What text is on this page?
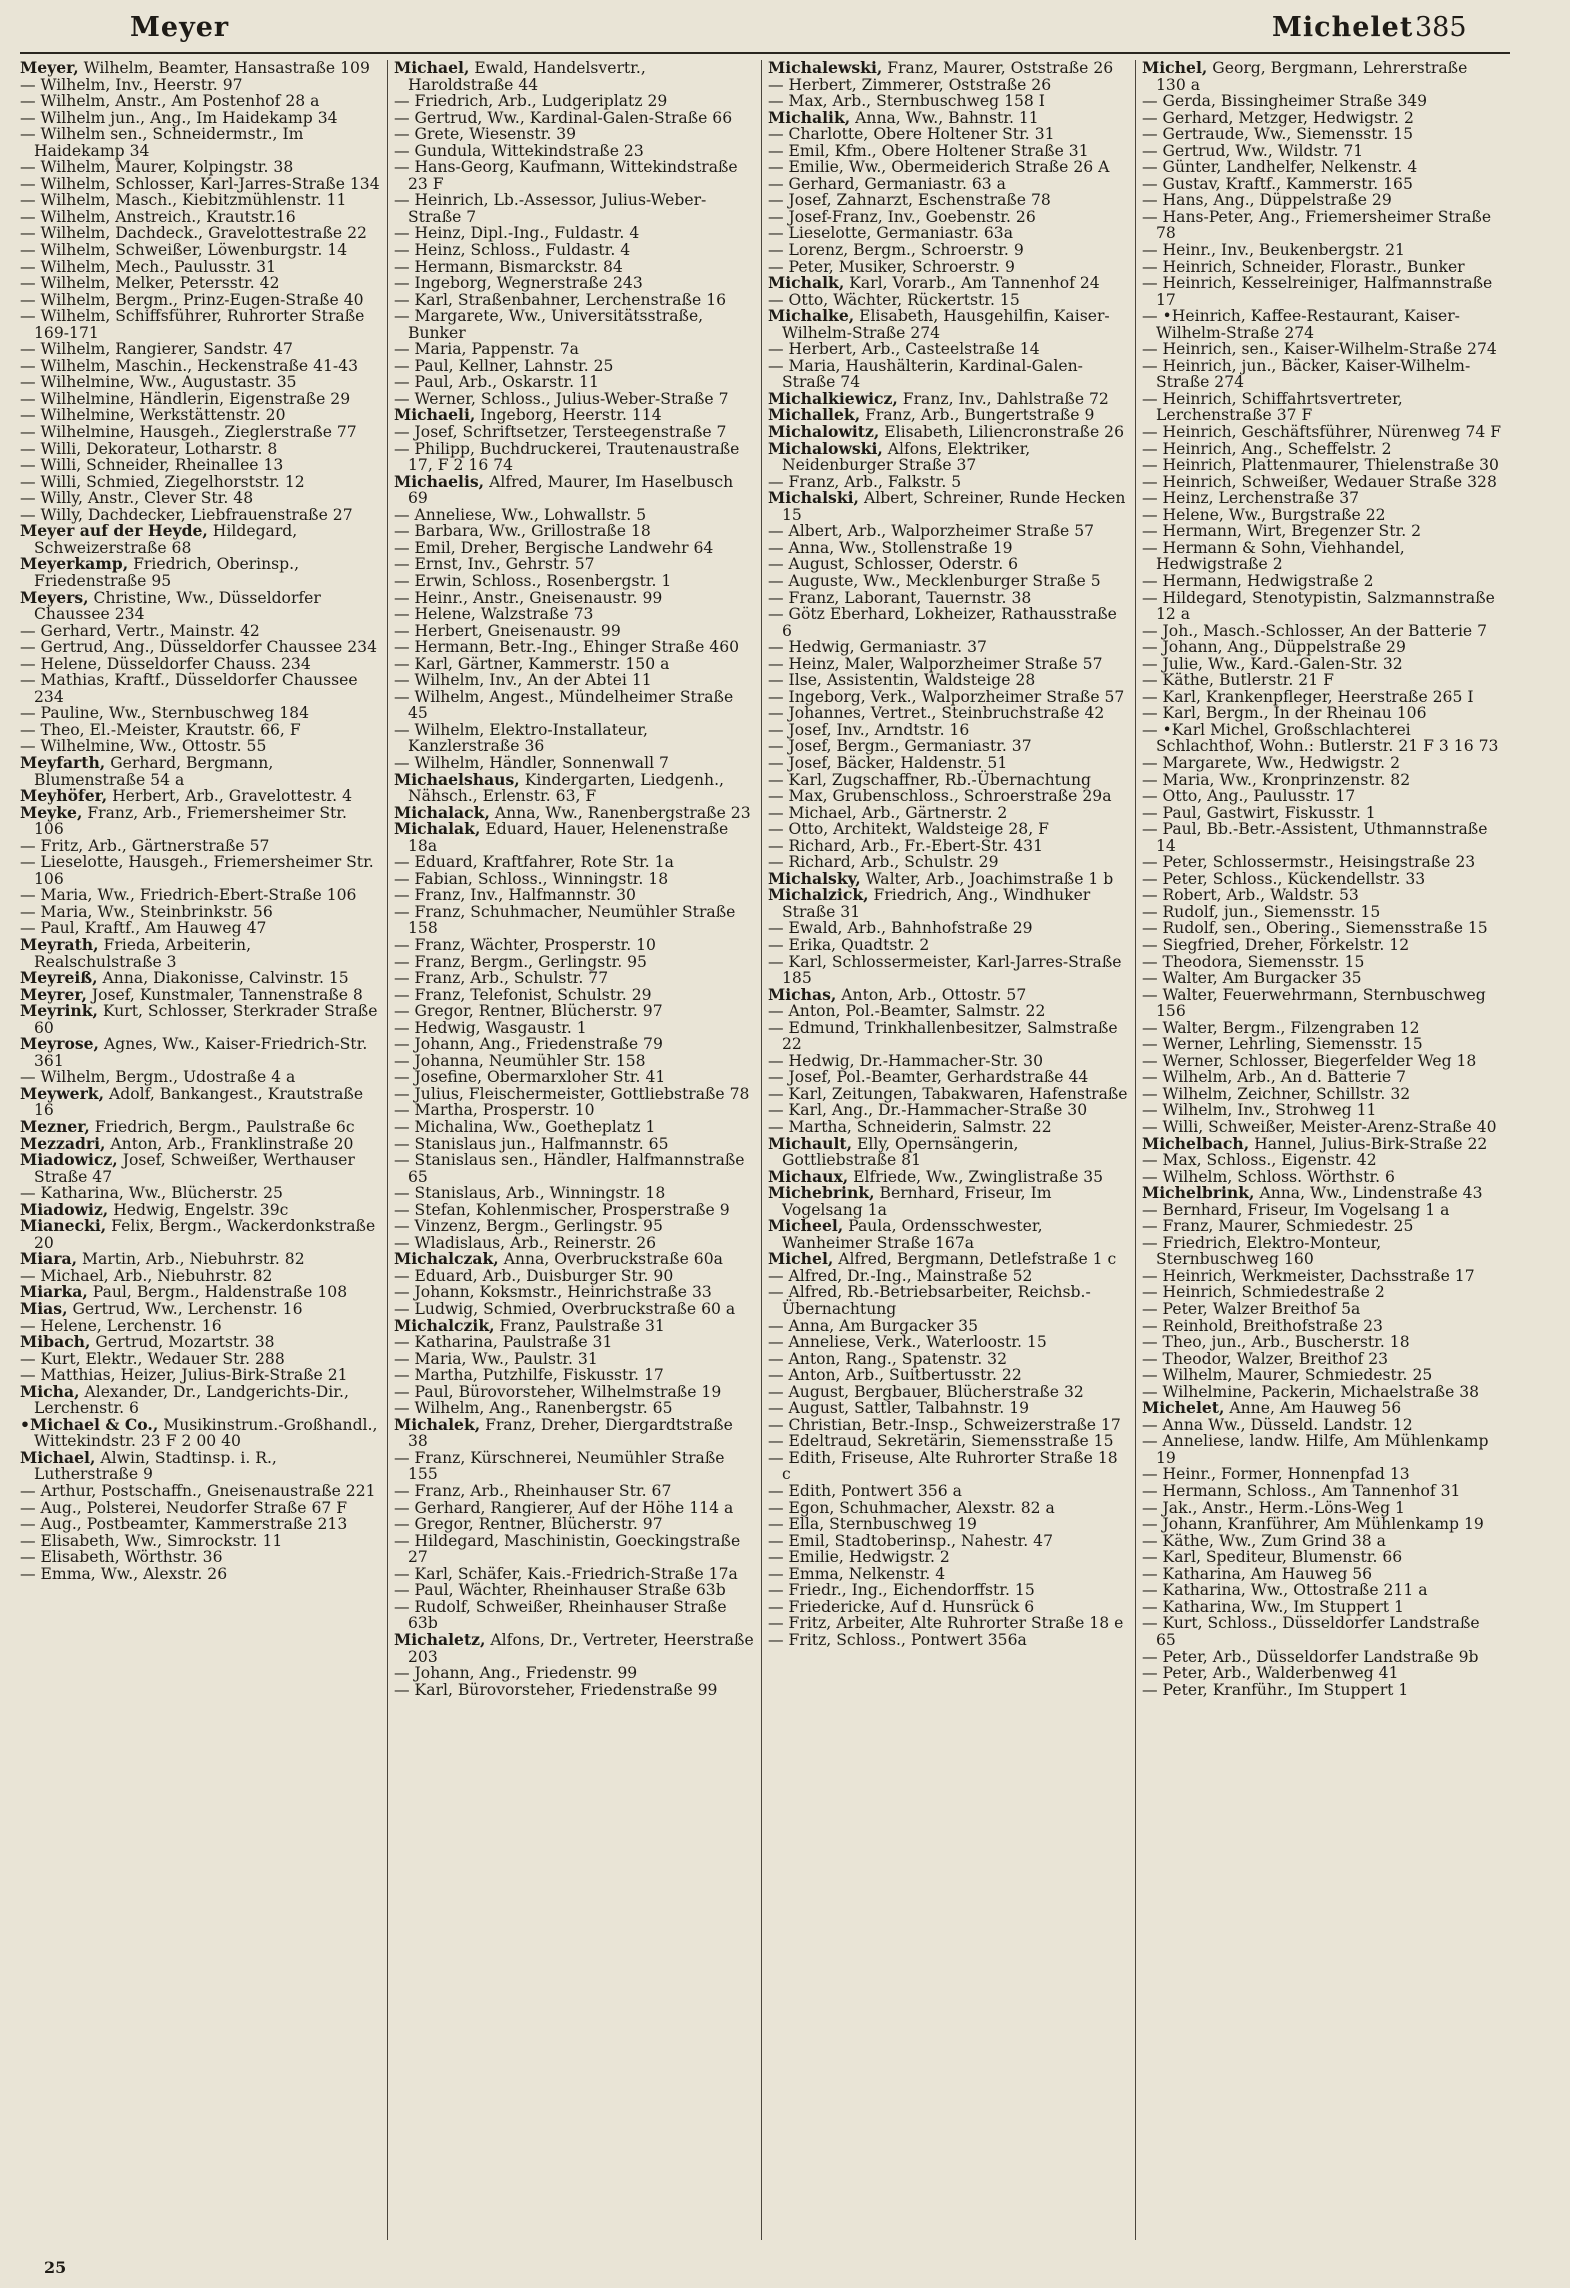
Meyer	Michelet 385
Meyer, Wilhelm, Beamter, Hansastraße 109
— Wilhelm, Inv., Heerstr. 97
— Wilhelm, Anstr., Am Postenhof 28 a
— Wilhelm jun., Ang., Im Haidekamp 34
— Wilhelm sen., Schneidermstr., Im Haidekamp 34
— Wilhelm, Maurer, Kolpingstr. 38
— Wilhelm, Schlosser, Karl-Jarres-Straße 134
— Wilhelm, Masch., Kiebitzmühlenstr. 11
— Wilhelm, Anstreich., Krautstr.16
— Wilhelm, Dachdeck., Gravelottestraße 22
— Wilhelm, Schweißer, Löwenburgstr. 14
— Wilhelm, Mech., Paulusstr. 31
— Wilhelm, Melker, Petersstr. 42
— Wilhelm, Bergm., Prinz-Eugen-Straße 40
— Wilhelm, Schiffsführer, Ruhrorter Straße 169-171
— Wilhelm, Rangierer, Sandstr. 47
— Wilhelm, Maschin., Heckenstraße 41-43
— Wilhelmine, Ww., Augustastr. 35
— Wilhelmine, Händlerin, Eigenstraße 29
— Wilhelmine, Werkstättenstr. 20
— Wilhelmine, Hausgeh., Zieglerstraße 77
— Willi, Dekorateur, Lotharstr. 8
— Willi, Schneider, Rheinallee 13
— Willi, Schmied, Ziegelhorststr. 12
— Willy, Anstr., Clever Str. 48
— Willy, Dachdecker, Liebfrauenstraße 27
Meyer auf der Heyde, Hildegard, Schweizerstraße 68
Meyerkamp, Friedrich, Oberinsp., Friedenstraße 95
Meyers, Christine, Ww., Düsseldorfer Chaussee 234
— Gerhard, Vertr., Mainstr. 42
— Gertrud, Ang., Düsseldorfer Chaussee 234
— Helene, Düsseldorfer Chauss. 234
— Mathias, Kraftf., Düsseldorfer Chaussee 234
— Pauline, Ww., Sternbuschweg 184
— Theo, El.-Meister, Krautstr. 66, F
— Wilhelmine, Ww., Ottostr. 55
Meyfarth, Gerhard, Bergmann, Blumenstraße 54 a
Meyhöfer, Herbert, Arb., Gravelottestr. 4
Meyke, Franz, Arb., Friemersheimer Str. 106
— Fritz, Arb., Gärtnerstraße 57
— Lieselotte, Hausgeh., Friemersheimer Str. 106
— Maria, Ww., Friedrich-Ebert-Straße 106
— Maria, Ww., Steinbrinkstr. 56
— Paul, Kraftf., Am Hauweg 47
Meyrath, Frieda, Arbeiterin, Realschulstraße 3
Meyreiß, Anna, Diakonisse, Calvinstr. 15
Meyrer, Josef, Kunstmaler, Tannenstraße 8
Meyrink, Kurt, Schlosser, Sterkrader Straße 60
Meyrose, Agnes, Ww., Kaiser-Friedrich-Str. 361
— Wilhelm, Bergm., Udostraße 4 a
Meywerk, Adolf, Bankangest., Krautstraße 16
Mezner, Friedrich, Bergm., Paulstraße 6c
Mezzadri, Anton, Arb., Franklinstraße 20
Miadowicz, Josef, Schweißer, Werthauser Straße 47
— Katharina, Ww., Blücherstr. 25
Miadowiz, Hedwig, Engelstr. 39c
Mianecki, Felix, Bergm., Wackerdonkstraße 20
Miara, Martin, Arb., Niebuhrstr. 82
— Michael, Arb., Niebuhrstr. 82
Miarka, Paul, Bergm., Haldenstraße 108
Mias, Gertrud, Ww., Lerchenstr. 16
— Helene, Lerchenstr. 16
Mibach, Gertrud, Mozartstr. 38
— Kurt, Elektr., Wedauer Str. 288
— Matthias, Heizer, Julius-Birk-Straße 21
Micha, Alexander, Dr., Landgerichts-Dir., Lerchenstr. 6
•Michael & Co., Musikinstrum.-Großhandl., Wittekindstr. 23 F 2 00 40
Michael, Alwin, Stadtinsp. i. R., Lutherstraße 9
— Arthur, Postschaffn., Gneisenaustraße 221
— Aug., Polsterei, Neudorfer Straße 67 F
— Aug., Postbeamter, Kammerstraße 213
— Elisabeth, Ww., Simrockstr. 11
— Elisabeth, Wörthstr. 36
— Emma, Ww., Alexstr. 26
Michael, Ewald, Handelsvertr., Haroldstraße 44
— Friedrich, Arb., Ludgeriplatz 29
— Gertrud, Ww., Kardinal-Galen-Straße 66
— Grete, Wiesenstr. 39
— Gundula, Wittekindstraße 23
— Hans-Georg, Kaufmann, Wittekindstraße 23 F
— Heinrich, Lb.-Assessor, Julius-Weber-Straße 7
— Heinz, Dipl.-Ing., Fuldastr. 4
— Heinz, Schloss., Fuldastr. 4
— Hermann, Bismarckstr. 84
— Ingeborg, Wegnerstraße 243
— Karl, Straßenbahner, Lerchenstraße 16
— Margarete, Ww., Universitätsstraße, Bunker
— Maria, Pappenstr. 7a
— Paul, Kellner, Lahnstr. 25
— Paul, Arb., Oskarstr. 11
— Werner, Schloss., Julius-Weber-Straße 7
Michaeli, Ingeborg, Heerstr. 114
— Josef, Schriftsetzer, Tersteegenstraße 7
— Philipp, Buchdruckerei, Trautenaustraße 17, F 2 16 74
Michaelis, Alfred, Maurer, Im Haselbusch 69
— Anneliese, Ww., Lohwallstr. 5
— Barbara, Ww., Grillostraße 18
— Emil, Dreher, Bergische Landwehr 64
— Ernst, Inv., Gehrstr. 57
— Erwin, Schloss., Rosenbergstr. 1
— Heinr., Anstr., Gneisenaustr. 99
— Helene, Walzstraße 73
— Herbert, Gneisenaustr. 99
— Hermann, Betr.-Ing., Ehinger Straße 460
— Karl, Gärtner, Kammerstr. 150 a
— Wilhelm, Inv., An der Abtei 11
— Wilhelm, Angest., Mündelheimer Straße 45
— Wilhelm, Elektro-Installateur, Kanzlerstraße 36
— Wilhelm, Händler, Sonnenwall 7
Michaelshaus, Kindergarten, Liedgenh., Nähsch., Erlenstr. 63, F
Michalack, Anna, Ww., Ranenbergstraße 23
Michalak, Eduard, Hauer, Helenenstraße 18a
— Eduard, Kraftfahrer, Rote Str. 1a
— Fabian, Schloss., Winningstr. 18
— Franz, Inv., Halfmannstr. 30
— Franz, Schuhmacher, Neumühler Straße 158
— Franz, Wächter, Prosperstr. 10
— Franz, Bergm., Gerlingstr. 95
— Franz, Arb., Schulstr. 77
— Franz, Telefonist, Schulstr. 29
— Gregor, Rentner, Blücherstr. 97
— Hedwig, Wasgaustr. 1
— Johann, Ang., Friedenstraße 79
— Johanna, Neumühler Str. 158
— Josefine, Obermarxloher Str. 41
— Julius, Fleischermeister, Gottliebstraße 78
— Martha, Prosperstr. 10
— Michalina, Ww., Goetheplatz 1
— Stanislaus jun., Halfmannstr. 65
— Stanislaus sen., Händler, Halfmannstraße 65
— Stanislaus, Arb., Winningstr. 18
— Stefan, Kohlenmischer, Prosperstraße 9
— Vinzenz, Bergm., Gerlingstr. 95
— Wladislaus, Arb., Reinerstr. 26
Michalczak, Anna, Overbruckstraße 60a
— Eduard, Arb., Duisburger Str. 90
— Johann, Koksmstr., Heinrichstraße 33
— Ludwig, Schmied, Overbruckstraße 60 a
Michalczik, Franz, Paulstraße 31
— Katharina, Paulstraße 31
— Maria, Ww., Paulstr. 31
— Martha, Putzhilfe, Fiskusstr. 17
— Paul, Bürovorsteher, Wilhelmstraße 19
— Wilhelm, Ang., Ranenbergstr. 65
Michalek, Franz, Dreher, Diergardtstraße 38
— Franz, Kürschnerei, Neumühler Straße 155
— Franz, Arb., Rheinhauser Str. 67
— Gerhard, Rangierer, Auf der Höhe 114 a
— Gregor, Rentner, Blücherstr. 97
— Hildegard, Maschinistin, Goeckingstraße 27
— Karl, Schäfer, Kais.-Friedrich-Straße 17a
— Paul, Wächter, Rheinhauser Straße 63b
— Rudolf, Schweißer, Rheinhauser Straße 63b
Michaletz, Alfons, Dr., Vertreter, Heerstraße 203
— Johann, Ang., Friedenstr. 99
— Karl, Bürovorsteher, Friedenstraße 99
Michalewski, Franz, Maurer, Oststraße 26
— Herbert, Zimmerer, Oststraße 26
— Max, Arb., Sternbuschweg 158 I
Michalik, Anna, Ww., Bahnstr. 11
— Charlotte, Obere Holtener Str. 31
— Emil, Kfm., Obere Holtener Straße 31
— Emilie, Ww., Obermeiderich Straße 26 A
— Gerhard, Germaniastr. 63 a
— Josef, Zahnarzt, Eschenstraße 78
— Josef-Franz, Inv., Goebenstr. 26
— Lieselotte, Germaniastr. 63a
— Lorenz, Bergm., Schroerstr. 9
— Peter, Musiker, Schroerstr. 9
Michalk, Karl, Vorarb., Am Tannenhof 24
— Otto, Wächter, Rückertstr. 15
Michalke, Elisabeth, Hausgehilfin, Kaiser-Wilhelm-Straße 274
— Herbert, Arb., Casteelstraße 14
— Maria, Haushälterin, Kardinal-Galen-Straße 74
Michalkiewicz, Franz, Inv., Dahlstraße 72
Michallek, Franz, Arb., Bungertstraße 9
Michalowitz, Elisabeth, Liliencronstraße 26
Michalowski, Alfons, Elektriker, Neidenburger Straße 37
— Franz, Arb., Falkstr. 5
Michalski, Albert, Schreiner, Runde Hecken 15
— Albert, Arb., Walporzheimer Straße 57
— Anna, Ww., Stollenstraße 19
— August, Schlosser, Oderstr. 6
— Auguste, Ww., Mecklenburger Straße 5
— Franz, Laborant, Tauernstr. 38
— Götz Eberhard, Lokheizer, Rathausstraße 6
— Hedwig, Germaniastr. 37
— Heinz, Maler, Walporzheimer Straße 57
— Ilse, Assistentin, Waldsteige 28
— Ingeborg, Verk., Walporzheimer Straße 57
— Johannes, Vertret., Steinbruchstraße 42
— Josef, Inv., Arndtstr. 16
— Josef, Bergm., Germaniastr. 37
— Josef, Bäcker, Haldenstr. 51
— Karl, Zugschaffner, Rb.-Übernachtung
— Max, Grubenschloss., Schroerstraße 29a
— Michael, Arb., Gärtnerstr. 2
— Otto, Architekt, Waldsteige 28, F
— Richard, Arb., Fr.-Ebert-Str. 431
— Richard, Arb., Schulstr. 29
Michalsky, Walter, Arb., Joachimstraße 1 b
Michalzick, Friedrich, Ang., Windhuker Straße 31
— Ewald, Arb., Bahnhofstraße 29
— Erika, Quadtstr. 2
— Karl, Schlossermeister, Karl-Jarres-Straße 185
Michas, Anton, Arb., Ottostr. 57
— Anton, Pol.-Beamter, Salmstr. 22
— Edmund, Trinkhallenbesitzer, Salmstraße 22
— Hedwig, Dr.-Hammacher-Str. 30
— Josef, Pol.-Beamter, Gerhardstraße 44
— Karl, Zeitungen, Tabakwaren, Hafenstraße
— Karl, Ang., Dr.-Hammacher-Straße 30
— Martha, Schneiderin, Salmstr. 22
Michault, Elly, Opernsängerin, Gottliebstraße 81
Michaux, Elfriede, Ww., Zwinglistraße 35
Michebrink, Bernhard, Friseur, Im Vogelsang 1a
Micheel, Paula, Ordensschwester, Wanheimer Straße 167a
Michel, Alfred, Bergmann, Detlefstraße 1 c
— Alfred, Dr.-Ing., Mainstraße 52
— Alfred, Rb.-Betriebsarbeiter, Reichsb.-Übernachtung
— Anna, Am Burgacker 35
— Anneliese, Verk., Waterloostr. 15
— Anton, Rang., Spatenstr. 32
— Anton, Arb., Suitbertusstr. 22
— August, Bergbauer, Blücherstraße 32
— August, Sattler, Talbahnstr. 19
— Christian, Betr.-Insp., Schweizerstraße 17
— Edeltraud, Sekretärin, Siemensstraße 15
— Edith, Friseuse, Alte Ruhrorter Straße 18 c
— Edith, Pontwert 356 a
— Egon, Schuhmacher, Alexstr. 82 a
— Ella, Sternbuschweg 19
— Emil, Stadtoberinsp., Nahestr. 47
— Emilie, Hedwigstr. 2
— Emma, Nelkenstr. 4
— Friedr., Ing., Eichendorffstr. 15
— Friedericke, Auf d. Hunsrück 6
— Fritz, Arbeiter, Alte Ruhrorter Straße 18 e
— Fritz, Schloss., Pontwert 356a
Michel, Georg, Bergmann, Lehrerstraße 130 a
— Gerda, Bissingheimer Straße 349
— Gerhard, Metzger, Hedwigstr. 2
— Gertraude, Ww., Siemensstr. 15
— Gertrud, Ww., Wildstr. 71
— Günter, Landhelfer, Nelkenstr. 4
— Gustav, Kraftf., Kammerstr. 165
— Hans, Ang., Düppelstraße 29
— Hans-Peter, Ang., Friemersheimer Straße 78
— Heinr., Inv., Beukenbergstr. 21
— Heinrich, Schneider, Florastr., Bunker
— Heinrich, Kesselreiniger, Halfmannstraße 17
— •Heinrich, Kaffee-Restaurant, Kaiser-Wilhelm-Straße 274
— Heinrich, sen., Kaiser-Wilhelm-Straße 274
— Heinrich, jun., Bäcker, Kaiser-Wilhelm-Straße 274
— Heinrich, Schiffahrtsvertreter, Lerchenstraße 37 F
— Heinrich, Geschäftsführer, Nürenweg 74 F
— Heinrich, Ang., Scheffelstr. 2
— Heinrich, Plattenmaurer, Thielenstraße 30
— Heinrich, Schweißer, Wedauer Straße 328
— Heinz, Lerchenstraße 37
— Helene, Ww., Burgstraße 22
— Hermann, Wirt, Bregenzer Str. 2
— Hermann & Sohn, Viehhandel, Hedwigstraße 2
— Hermann, Hedwigstraße 2
— Hildegard, Stenotypistin, Salzmannstraße 12 a
— Joh., Masch.-Schlosser, An der Batterie 7
— Johann, Ang., Düppelstraße 29
— Julie, Ww., Kard.-Galen-Str. 32
— Käthe, Butlerstr. 21 F
— Karl, Krankenpfleger, Heerstraße 265 I
— Karl, Bergm., In der Rheinau 106
— •Karl Michel, Großschlachterei Schlachthof, Wohn.: Butlerstr. 21 F 3 16 73
— Margarete, Ww., Hedwigstr. 2
— Maria, Ww., Kronprinzenstr. 82
— Otto, Ang., Paulusstr. 17
— Paul, Gastwirt, Fiskusstr. 1
— Paul, Bb.-Betr.-Assistent, Uthmannstraße 14
— Peter, Schlossermstr., Heisingstraße 23
— Peter, Schloss., Kückendellstr. 33
— Robert, Arb., Waldstr. 53
— Rudolf, jun., Siemensstr. 15
— Rudolf, sen., Obering., Siemensstraße 15
— Siegfried, Dreher, Förkelstr. 12
— Theodora, Siemensstr. 15
— Walter, Am Burgacker 35
— Walter, Feuerwehrmann, Sternbuschweg 156
— Walter, Bergm., Filzengraben 12
— Werner, Lehrling, Siemensstr. 15
— Werner, Schlosser, Biegerfelder Weg 18
— Wilhelm, Arb., An d. Batterie 7
— Wilhelm, Zeichner, Schillstr. 32
— Wilhelm, Inv., Strohweg 11
— Willi, Schweißer, Meister-Arenz-Straße 40
Michelbach, Hannel, Julius-Birk-Straße 22
— Max, Schloss., Eigenstr. 42
— Wilhelm, Schloss. Wörthstr. 6
Michelbrink, Anna, Ww., Lindenstraße 43
— Bernhard, Friseur, Im Vogelsang 1 a
— Franz, Maurer, Schmiedestr. 25
— Friedrich, Elektro-Monteur, Sternbuschweg 160
— Heinrich, Werkmeister, Dachsstraße 17
— Heinrich, Schmiedestraße 2
— Peter, Walzer Breithof 5a
— Reinhold, Breithofstraße 23
— Theo, jun., Arb., Buscherstr. 18
— Theodor, Walzer, Breithof 23
— Wilhelm, Maurer, Schmiedestr. 25
— Wilhelmine, Packerin, Michaelstraße 38
Michelet, Anne, Am Hauweg 56
— Anna Ww., Düsseld. Landstr. 12
— Anneliese, landw. Hilfe, Am Mühlenkamp 19
— Heinr., Former, Honnenpfad 13
— Hermann, Schloss., Am Tannenhof 31
— Jak., Anstr., Herm.-Löns-Weg 1
— Johann, Kranführer, Am Mühlenkamp 19
— Käthe, Ww., Zum Grind 38 a
— Karl, Spediteur, Blumenstr. 66
— Katharina, Am Hauweg 56
— Katharina, Ww., Ottostraße 211 a
— Katharina, Ww., Im Stuppert 1
— Kurt, Schloss., Düsseldorfer Landstraße 65
— Peter, Arb., Düsseldorfer Landstraße 9b
— Peter, Arb., Walderbenweg 41
— Peter, Kranführ., Im Stuppert 1
25
